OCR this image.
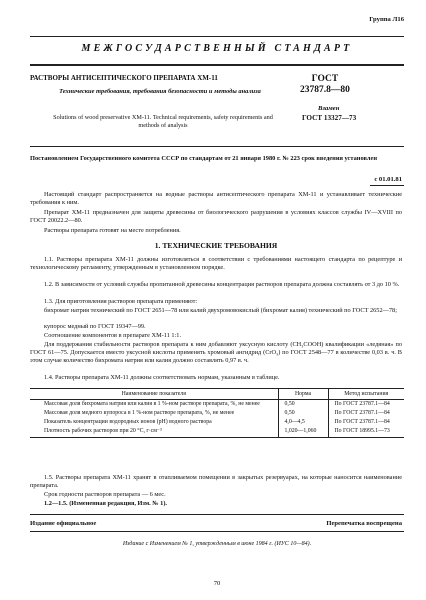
Группа Л16
МЕЖГОСУДАРСТВЕННЫЙ СТАНДАРТ
РАСТВОРЫ АНТИСЕПТИЧЕСКОГО ПРЕПАРАТА ХМ-11
Технические требования, требования безопасности и методы анализа
Solutions of wood preservative XM-11. Technical requirements, safety requirements and methods of analysis
ГОСТ
23787.8—80
Взамен
ГОСТ 13327—73
Постановлением Государственного комитета СССР по стандартам от 21 января 1980 г. № 223 срок введения установлен
с 01.01.81

Настоящий стандарт распространяется на водные растворы антисептического препарата ХМ-11 и устанавливает технические требования к ним.

Препарат ХМ-11 предназначен для защиты древесины от биологического разрушения в условиях классов службы IV—XVIII по ГОСТ 20022.2—80.

Растворы препарата готовят на месте потребления.

1. ТЕХНИЧЕСКИЕ ТРЕБОВАНИЯ

1.1. Растворы препарата ХМ-11 должны изготовляться в соответствии с требованиями настоящего стандарта по рецептуре и технологическому регламенту, утвержденным в установленном порядке.

1.2. В зависимости от условий службы пропитанной древесины концентрация растворов препарата должна составлять от 3 до 10 %.

1.3. Для приготовления растворов препарата применяют:

бихромат натрия технический по ГОСТ 2651—78 или калий двухромовокислый (бихромат калия) технический по ГОСТ 2652—78;

купорос медный по ГОСТ 19347—99.

Соотношение компонентов в препарате ХМ-11 1:1.

Для поддержания стабильности растворов препарата к ним добавляют уксусную кислоту (CH₃COOH) квалификации «ледяная» по ГОСТ 61—75. Допускается вместо уксусной кислоты применять хромовый ангидрид (CrO₃) по ГОСТ 2548—77 в количестве 0,03 в. ч. В этом случае количество бихромата натрия или калия должно составлять 0,97 в. ч.

1.4. Растворы препарата ХМ-11 должны соответствовать нормам, указанным в таблице.

Наименование показателя	Норма	Метод испытания
Массовая доля бихромата натрия или калия в 1 %-ном растворе препарата, %, не менее	0,50	По ГОСТ 23787.1—84
Массовая доля медного купороса в 1 %-ном растворе препарата, %, не менее	0,50	По ГОСТ 23787.1—84
Показатель концентрации водородных ионов (pH) водного раствора	4,0—4,5	По ГОСТ 23787.1—84
Плотность рабочих растворов при 20 °С, г·см⁻³	1,020—1,060	По ГОСТ 18995.1—73

1.5. Растворы препарата ХМ-11 хранят в отапливаемом помещении в закрытых резервуарах, на которые наносится наименование препарата.

Срок годности растворов препарата — 6 мес.

1.2—1.5. (Измененная редакция, Изм. № 1).

Издание официальное	Перепечатка воспрещена
Издание с Изменением № 1, утвержденным в июне 1984 г. (ИУС 10—84).
70
